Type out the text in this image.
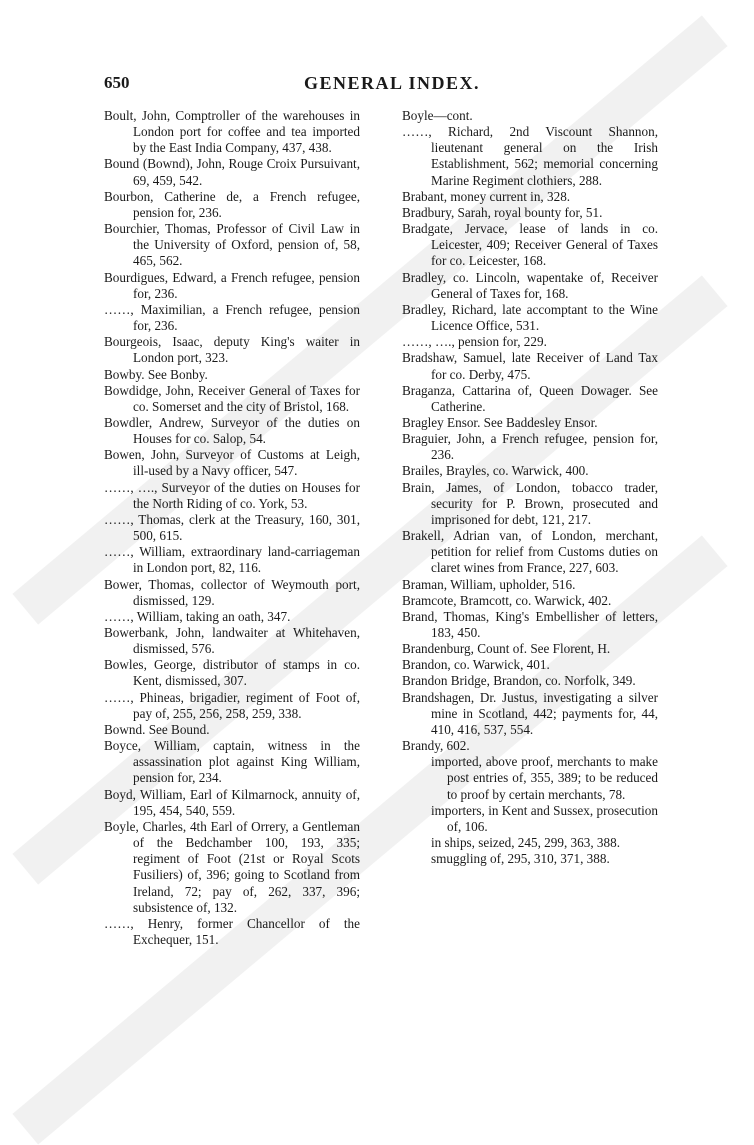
650	GENERAL INDEX.

Boult, John, Comptroller of the warehouses in London port for coffee and tea imported by the East India Company, 437, 438.

Bound (Bownd), John, Rouge Croix Pursuivant, 69, 459, 542.

Bourbon, Catherine de, a French refugee, pension for, 236.

Bourchier, Thomas, Professor of Civil Law in the University of Oxford, pension of, 58, 465, 562.

Bourdigues, Edward, a French refugee, pension for, 236.

……, Maximilian, a French refugee, pension for, 236.

Bourgeois, Isaac, deputy King's waiter in London port, 323.

Bowby. See Bonby.

Bowdidge, John, Receiver General of Taxes for co. Somerset and the city of Bristol, 168.

Bowdler, Andrew, Surveyor of the duties on Houses for co. Salop, 54.

Bowen, John, Surveyor of Customs at Leigh, ill-used by a Navy officer, 547.

……, …., Surveyor of the duties on Houses for the North Riding of co. York, 53.

……, Thomas, clerk at the Treasury, 160, 301, 500, 615.

……, William, extraordinary land-carriageman in London port, 82, 116.

Bower, Thomas, collector of Weymouth port, dismissed, 129.

……, William, taking an oath, 347.

Bowerbank, John, landwaiter at Whitehaven, dismissed, 576.

Bowles, George, distributor of stamps in co. Kent, dismissed, 307.

……, Phineas, brigadier, regiment of Foot of, pay of, 255, 256, 258, 259, 338.

Bownd. See Bound.

Boyce, William, captain, witness in the assassination plot against King William, pension for, 234.

Boyd, William, Earl of Kilmarnock, annuity of, 195, 454, 540, 559.

Boyle, Charles, 4th Earl of Orrery, a Gentleman of the Bedchamber 100, 193, 335; regiment of Foot (21st or Royal Scots Fusiliers) of, 396; going to Scotland from Ireland, 72; pay of, 262, 337, 396; subsistence of, 132.

……, Henry, former Chancellor of the Exchequer, 151.

Boyle—cont.

……, Richard, 2nd Viscount Shannon, lieutenant general on the Irish Establishment, 562; memorial concerning Marine Regiment clothiers, 288.

Brabant, money current in, 328.

Bradbury, Sarah, royal bounty for, 51.

Bradgate, Jervace, lease of lands in co. Leicester, 409; Receiver General of Taxes for co. Leicester, 168.

Bradley, co. Lincoln, wapentake of, Receiver General of Taxes for, 168.

Bradley, Richard, late accomptant to the Wine Licence Office, 531.

……, …., pension for, 229.

Bradshaw, Samuel, late Receiver of Land Tax for co. Derby, 475.

Braganza, Cattarina of, Queen Dowager. See Catherine.

Bragley Ensor. See Baddesley Ensor.

Braguier, John, a French refugee, pension for, 236.

Brailes, Brayles, co. Warwick, 400.

Brain, James, of London, tobacco trader, security for P. Brown, prosecuted and imprisoned for debt, 121, 217.

Brakell, Adrian van, of London, merchant, petition for relief from Customs duties on claret wines from France, 227, 603.

Braman, William, upholder, 516.

Bramcote, Bramcott, co. Warwick, 402.

Brand, Thomas, King's Embellisher of letters, 183, 450.

Brandenburg, Count of. See Florent, H.

Brandon, co. Warwick, 401.

Brandon Bridge, Brandon, co. Norfolk, 349.

Brandshagen, Dr. Justus, investigating a silver mine in Scotland, 442; payments for, 44, 410, 416, 537, 554.

Brandy, 602.

imported, above proof, merchants to make post entries of, 355, 389; to be reduced to proof by certain merchants, 78.

importers, in Kent and Sussex, prosecution of, 106.

in ships, seized, 245, 299, 363, 388.

smuggling of, 295, 310, 371, 388.
